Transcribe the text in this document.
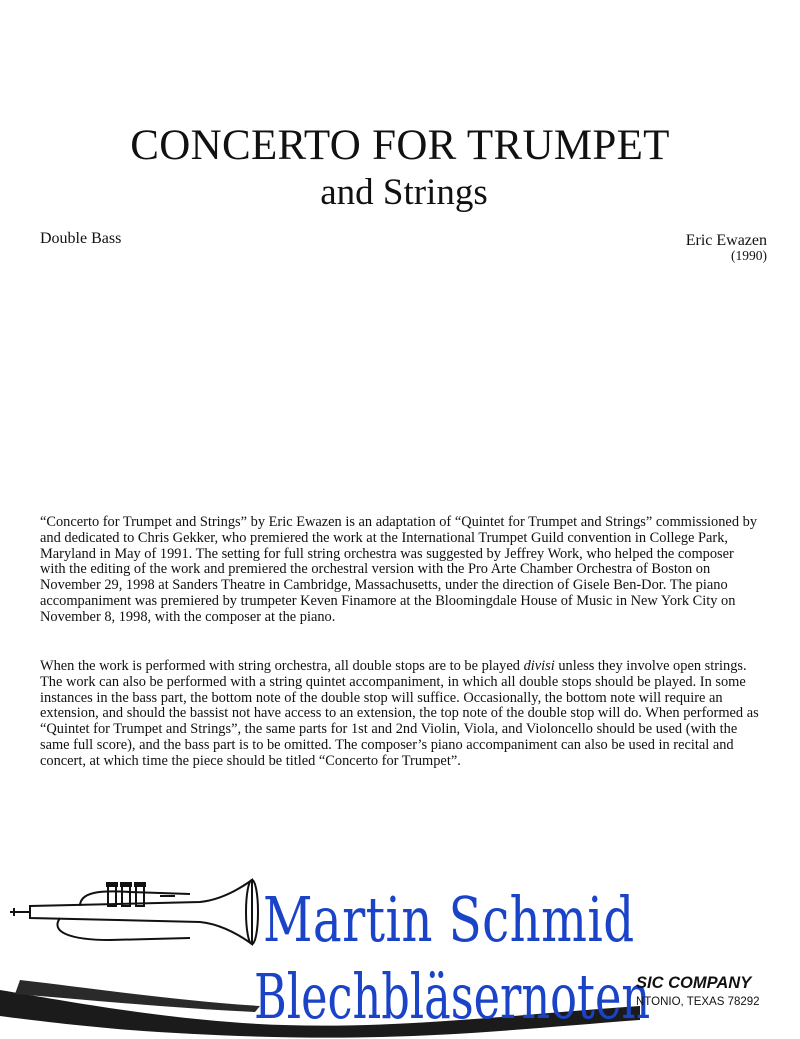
CONCERTO FOR TRUMPET
and Strings
Double Bass	Eric Ewazen
(1990)

“Concerto for Trumpet and Strings” by Eric Ewazen is an adaptation of “Quintet for Trumpet and Strings” commissioned by and dedicated to Chris Gekker, who premiered the work at the International Trumpet Guild convention in College Park, Maryland in May of 1991. The setting for full string orchestra was suggested by Jeffrey Work, who helped the composer with the editing of the work and premiered the orchestral version with the Pro Arte Chamber Orchestra of Boston on November 29, 1998 at Sanders Theatre in Cambridge, Massachusetts, under the direction of Gisele Ben-Dor. The piano accompaniment was premiered by trumpeter Keven Finamore at the Bloomingdale House of Music in New York City on November 8, 1998, with the composer at the piano.

When the work is performed with string orchestra, all double stops are to be played divisi unless they involve open strings. The work can also be performed with a string quintet accompaniment, in which all double stops should be played. In some instances in the bass part, the bottom note of the double stop will suffice. Occasionally, the bottom note will require an extension, and should the bassist not have access to an extension, the top note of the double stop will do. When performed as “Quintet for Trumpet and Strings”, the same parts for 1st and 2nd Violin, Viola, and Violoncello should be used (with the same full score), and the bass part is to be omitted. The composer’s piano accompaniment can also be used in recital and concert, at which time the piece should be titled “Concerto for Trumpet”.

Martin Schmid
Blechbläsernoten
SIC COMPANY
NTONIO, TEXAS 78292
